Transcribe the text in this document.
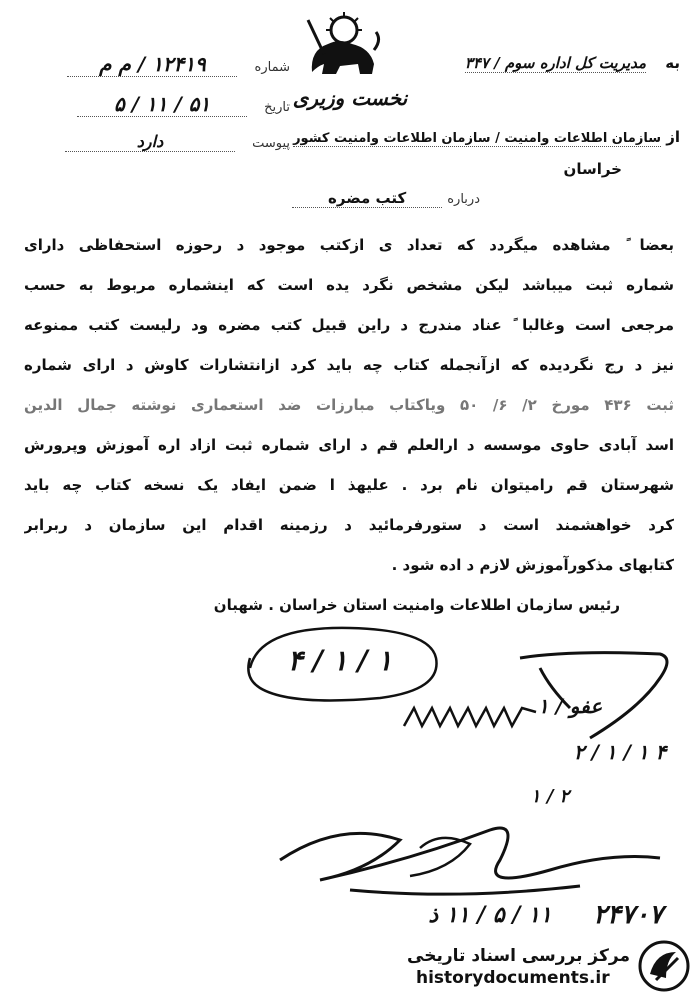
به مدیریت کل اداره سوم / ۳۴۷
شماره ۱۲۴۱۹ / م م
تاریخ ۵۱ / ۱۱ / ۵
پیوست دارد
نخست وزیری
از سازمان اطلاعات وامنیت / سازمان اطلاعات وامنیت کشور
خراسان
درباره کتب مضره
بعضا ً مشاهده میگردد که تعداد ی ازکتب موجود د رحوزه استحفاظی دارای
شماره ثبت میباشد لیکن مشخص نگرد یده است که اینشماره مربوط به حسب
مرجعی است وغالبا ً عناد مندرج د راین قبیل کتب مضره ود رلیست کتب ممنوعه
نیز د رج نگردیده که ازآنجمله کتاب چه باید کرد ازانتشارات کاوش د ارای شماره
ثبت ۴۳۶ مورخ ۲/ ۶/ ۵۰ ویاکتاب مبارزات ضد استعماری نوشته جمال الدین
اسد آبادی حاوی موسسه د ارالعلم قم د ارای شماره ثبت ازاد اره آموزش وپرورش
شهرستان قم رامیتوان نام برد . علیهذ ا ضمن ایفاد یک نسخه کتاب چه باید
کرد خواهشمند است د ستورفرمائید د رزمینه اقدام این سازمان د ربرابر
کتابهای مذکورآموزش لازم د اده شود .
رئیس سازمان اطلاعات وامنیت استان خراسان . شهبان
۴ / ۱ / ۱
عفو / ۱
۲ / ۱ / ۱ ۴
۱ / ۲
۲۴۷۰۷
۱۱ / ۵ / ۱۱ ذ
مرکز بررسی اسناد تاریخی
historydocuments.ir
